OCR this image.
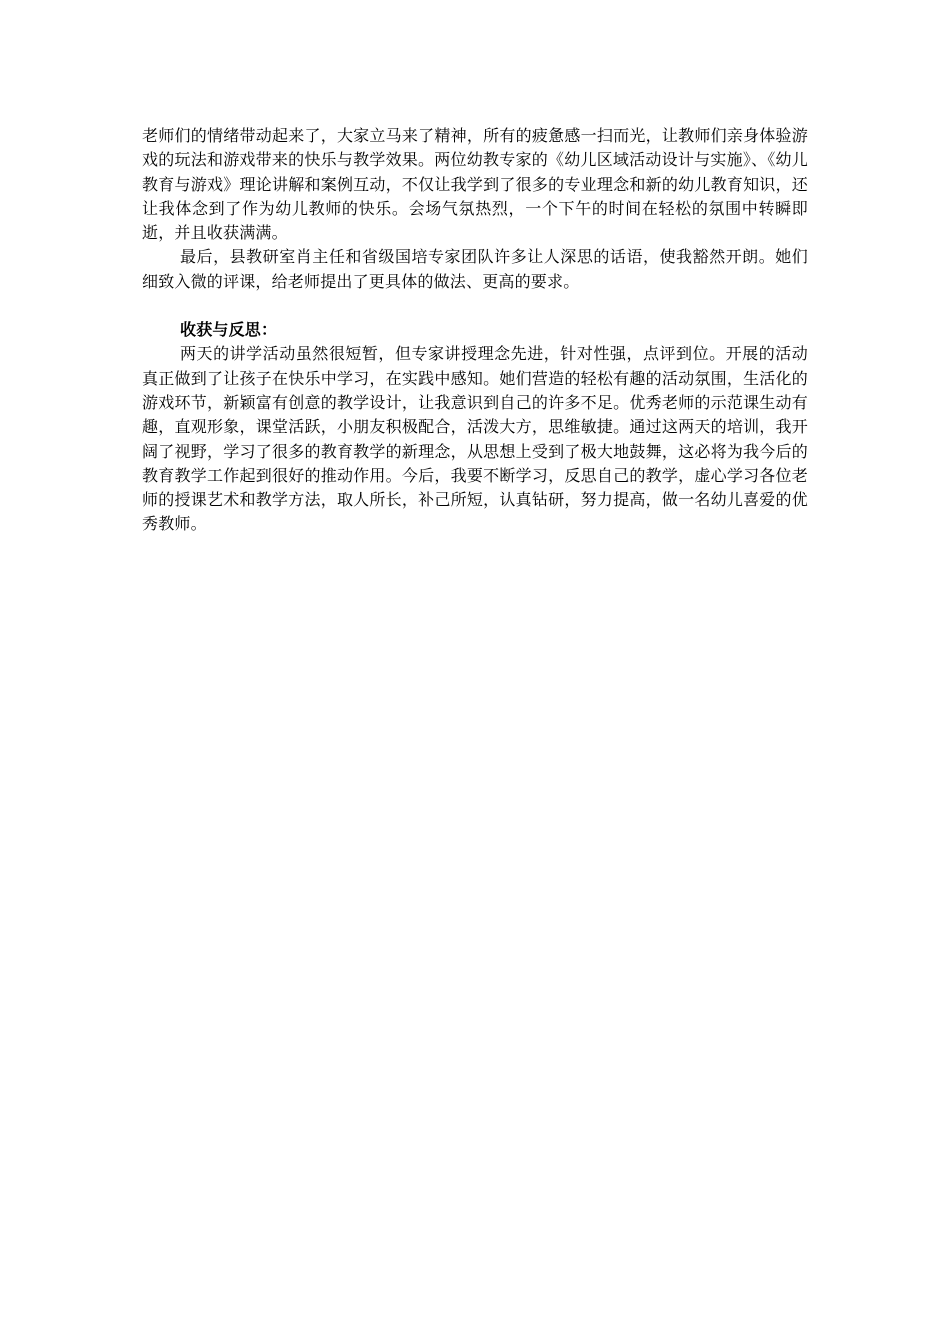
老师们的情绪带动起来了，大家立马来了精神，所有的疲惫感一扫而光，让教师们亲身体验游戏的玩法和游戏带来的快乐与教学效果。两位幼教专家的《幼儿区域活动设计与实施》、《幼儿教育与游戏》理论讲解和案例互动，不仅让我学到了很多的专业理念和新的幼儿教育知识，还让我体念到了作为幼儿教师的快乐。会场气氛热烈，一个下午的时间在轻松的氛围中转瞬即逝，并且收获满满。

最后，县教研室肖主任和省级国培专家团队许多让人深思的话语，使我豁然开朗。她们细致入微的评课，给老师提出了更具体的做法、更高的要求。

收获与反思：

两天的讲学活动虽然很短暂，但专家讲授理念先进，针对性强，点评到位。开展的活动真正做到了让孩子在快乐中学习，在实践中感知。她们营造的轻松有趣的活动氛围，生活化的游戏环节，新颖富有创意的教学设计，让我意识到自己的许多不足。优秀老师的示范课生动有趣，直观形象，课堂活跃，小朋友积极配合，活泼大方，思维敏捷。通过这两天的培训，我开阔了视野，学习了很多的教育教学的新理念，从思想上受到了极大地鼓舞，这必将为我今后的教育教学工作起到很好的推动作用。今后，我要不断学习，反思自己的教学，虚心学习各位老师的授课艺术和教学方法，取人所长，补己所短，认真钻研，努力提高，做一名幼儿喜爱的优秀教师。
